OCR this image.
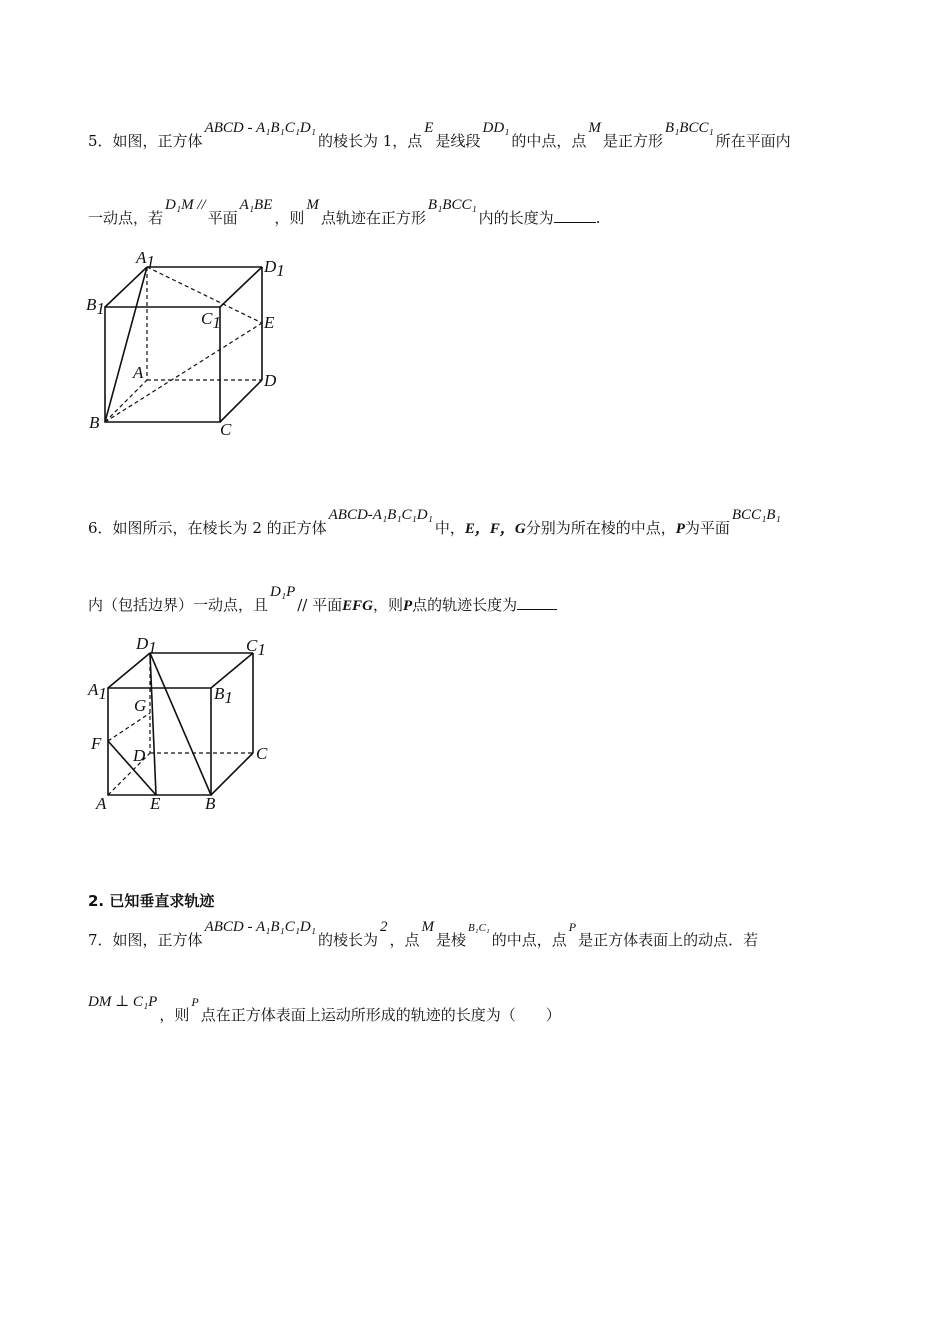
5．如图，正方体ABCD - A₁B₁C₁D₁的棱长为 1，点E是线段DD₁的中点，点M是正方形B₁BCC₁所在平面内
一动点，若D₁M //平面A₁BE，则M点轨迹在正方形B₁BCC₁内的长度为	.
A1	D1
B1
C1	E
A	D
B	C
6．如图所示，在棱长为 2 的正方体ABCD-A₁B₁C₁D₁中，E，F，G分别为所在棱的中点，P为平面BCC₁B₁
内（包括边界）一动点，且D₁P// 平面EFG，则P点的轨迹长度为
D1	C1
A1	B1
G
F
D	C
A	E	B
2. 已知垂直求轨迹
7．如图，正方体ABCD - A₁B₁C₁D₁的棱长为2，点M是棱$^{B_1C_1}$的中点，点$^P$是正方体表面上的动点．若
DM ⊥ C₁P，则$^P$点在正方体表面上运动所形成的轨迹的长度为（　　）
